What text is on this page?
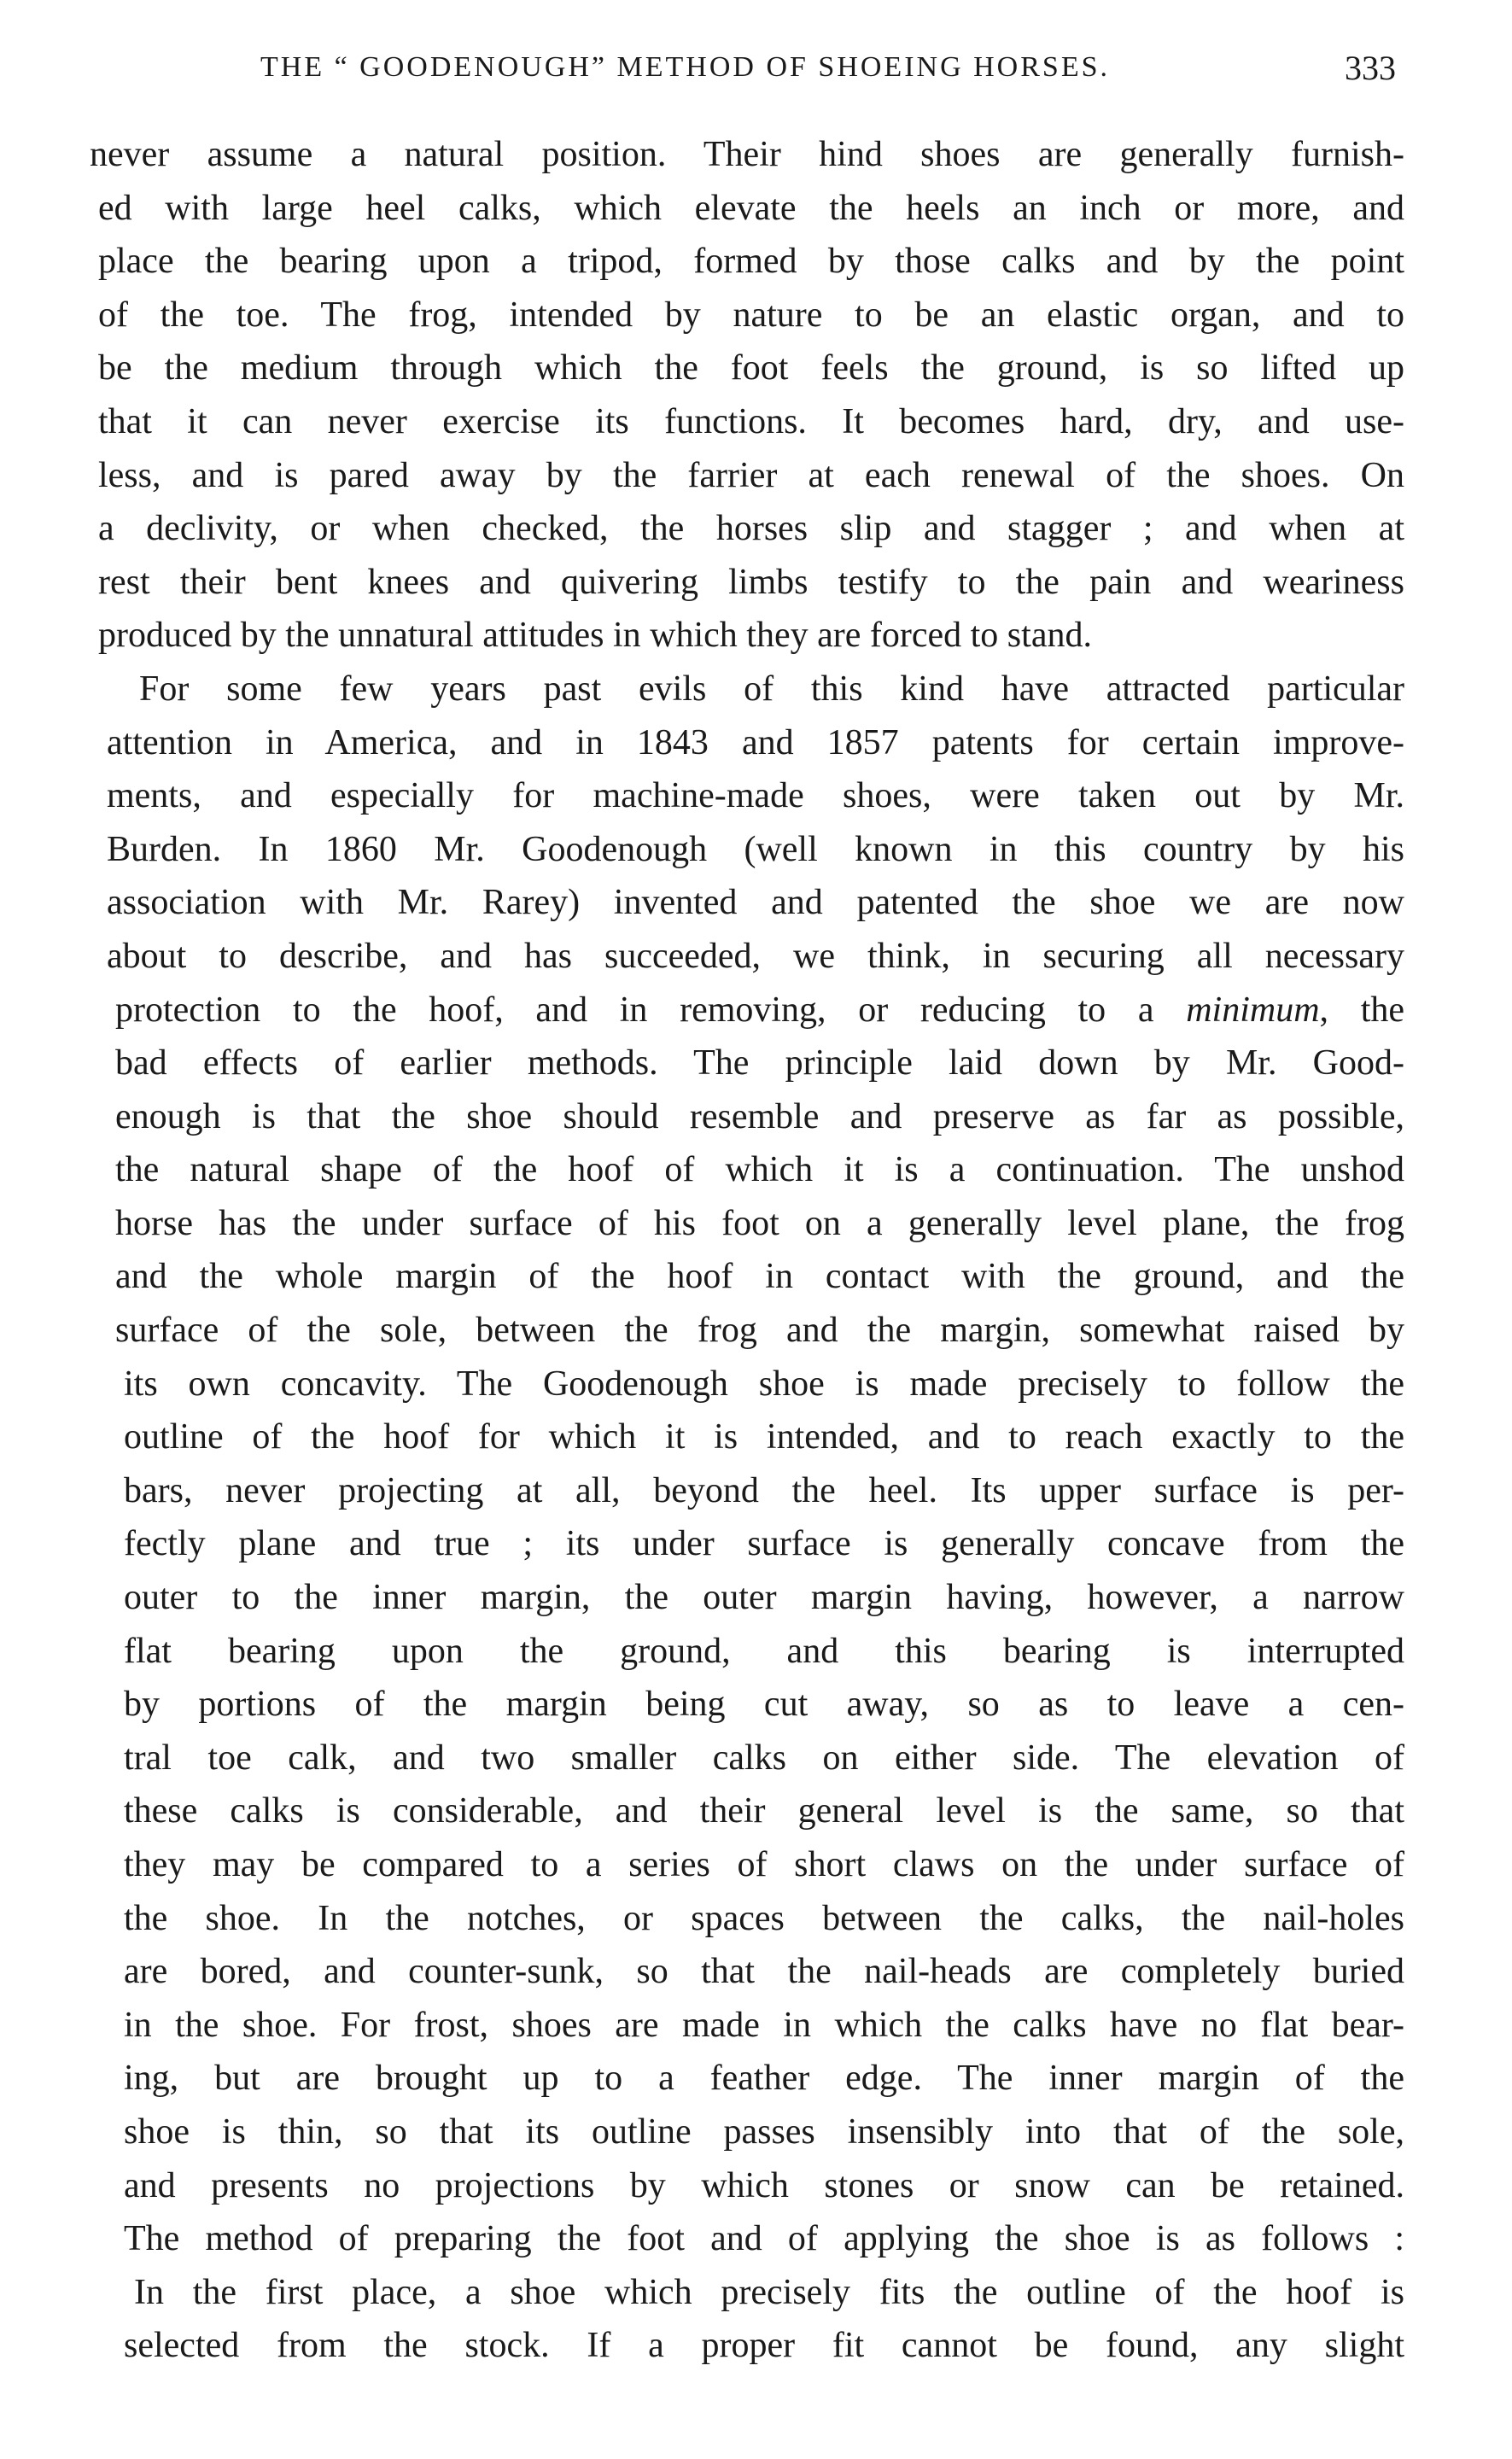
THE “ GOODENOUGH” METHOD OF SHOEING HORSES.	333
never assume a natural position. Their hind shoes are generally furnish-
ed with large heel calks, which elevate the heels an inch or more, and
place the bearing upon a tripod, formed by those calks and by the point
of the toe. The frog, intended by nature to be an elastic organ, and to
be the medium through which the foot feels the ground, is so lifted up
that it can never exercise its functions. It becomes hard, dry, and use-
less, and is pared away by the farrier at each renewal of the shoes. On
a declivity, or when checked, the horses slip and stagger ; and when at
rest their bent knees and quivering limbs testify to the pain and weariness
produced by the unnatural attitudes in which they are forced to stand.
For some few years past evils of this kind have attracted particular
attention in America, and in 1843 and 1857 patents for certain improve-
ments, and especially for machine-made shoes, were taken out by Mr.
Burden. In 1860 Mr. Goodenough (well known in this country by his
association with Mr. Rarey) invented and patented the shoe we are now
about to describe, and has succeeded, we think, in securing all necessary
protection to the hoof, and in removing, or reducing to a minimum, the
bad effects of earlier methods. The principle laid down by Mr. Good-
enough is that the shoe should resemble and preserve as far as possible,
the natural shape of the hoof of which it is a continuation. The unshod
horse has the under surface of his foot on a generally level plane, the frog
and the whole margin of the hoof in contact with the ground, and the
surface of the sole, between the frog and the margin, somewhat raised by
its own concavity. The Goodenough shoe is made precisely to follow the
outline of the hoof for which it is intended, and to reach exactly to the
bars, never projecting at all, beyond the heel. Its upper surface is per-
fectly plane and true ; its under surface is generally concave from the
outer to the inner margin, the outer margin having, however, a narrow
flat bearing upon the ground, and this bearing is interrupted
by portions of the margin being cut away, so as to leave a cen-
tral toe calk, and two smaller calks on either side. The elevation of
these calks is considerable, and their general level is the same, so that
they may be compared to a series of short claws on the under surface of
the shoe. In the notches, or spaces between the calks, the nail-holes
are bored, and counter-sunk, so that the nail-heads are completely buried
in the shoe. For frost, shoes are made in which the calks have no flat bear-
ing, but are brought up to a feather edge. The inner margin of the
shoe is thin, so that its outline passes insensibly into that of the sole,
and presents no projections by which stones or snow can be retained.
The method of preparing the foot and of applying the shoe is as follows :
In the first place, a shoe which precisely fits the outline of the hoof is
selected from the stock. If a proper fit cannot be found, any slight
